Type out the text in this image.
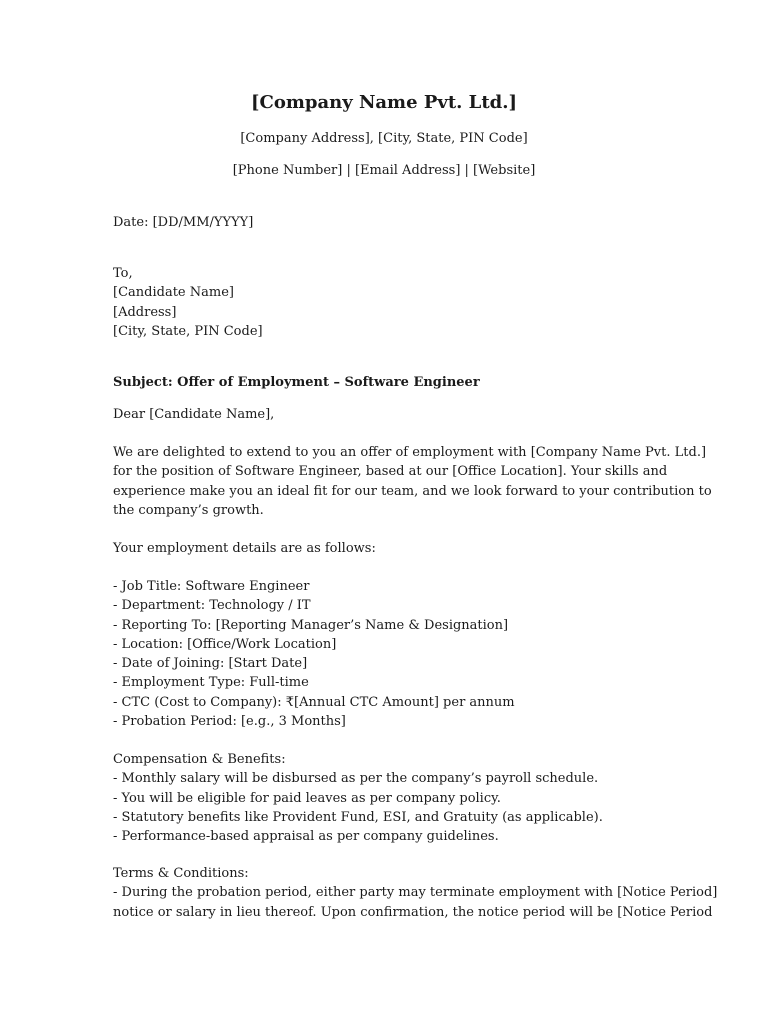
[Company Name Pvt. Ltd.]
[Company Address], [City, State, PIN Code]
[Phone Number] | [Email Address] | [Website]
Date: [DD/MM/YYYY]
To,
[Candidate Name]
[Address]
[City, State, PIN Code]
Subject: Offer of Employment – Software Engineer
Dear [Candidate Name],
We are delighted to extend to you an offer of employment with [Company Name Pvt. Ltd.]
for the position of Software Engineer, based at our [Office Location]. Your skills and
experience make you an ideal fit for our team, and we look forward to your contribution to
the company’s growth.
Your employment details are as follows:
- Job Title: Software Engineer
- Department: Technology / IT
- Reporting To: [Reporting Manager’s Name & Designation]
- Location: [Office/Work Location]
- Date of Joining: [Start Date]
- Employment Type: Full-time
- CTC (Cost to Company): ₹[Annual CTC Amount] per annum
- Probation Period: [e.g., 3 Months]
Compensation & Benefits:
- Monthly salary will be disbursed as per the company’s payroll schedule.
- You will be eligible for paid leaves as per company policy.
- Statutory benefits like Provident Fund, ESI, and Gratuity (as applicable).
- Performance-based appraisal as per company guidelines.
Terms & Conditions:
- During the probation period, either party may terminate employment with [Notice Period]
notice or salary in lieu thereof. Upon confirmation, the notice period will be [Notice Period
